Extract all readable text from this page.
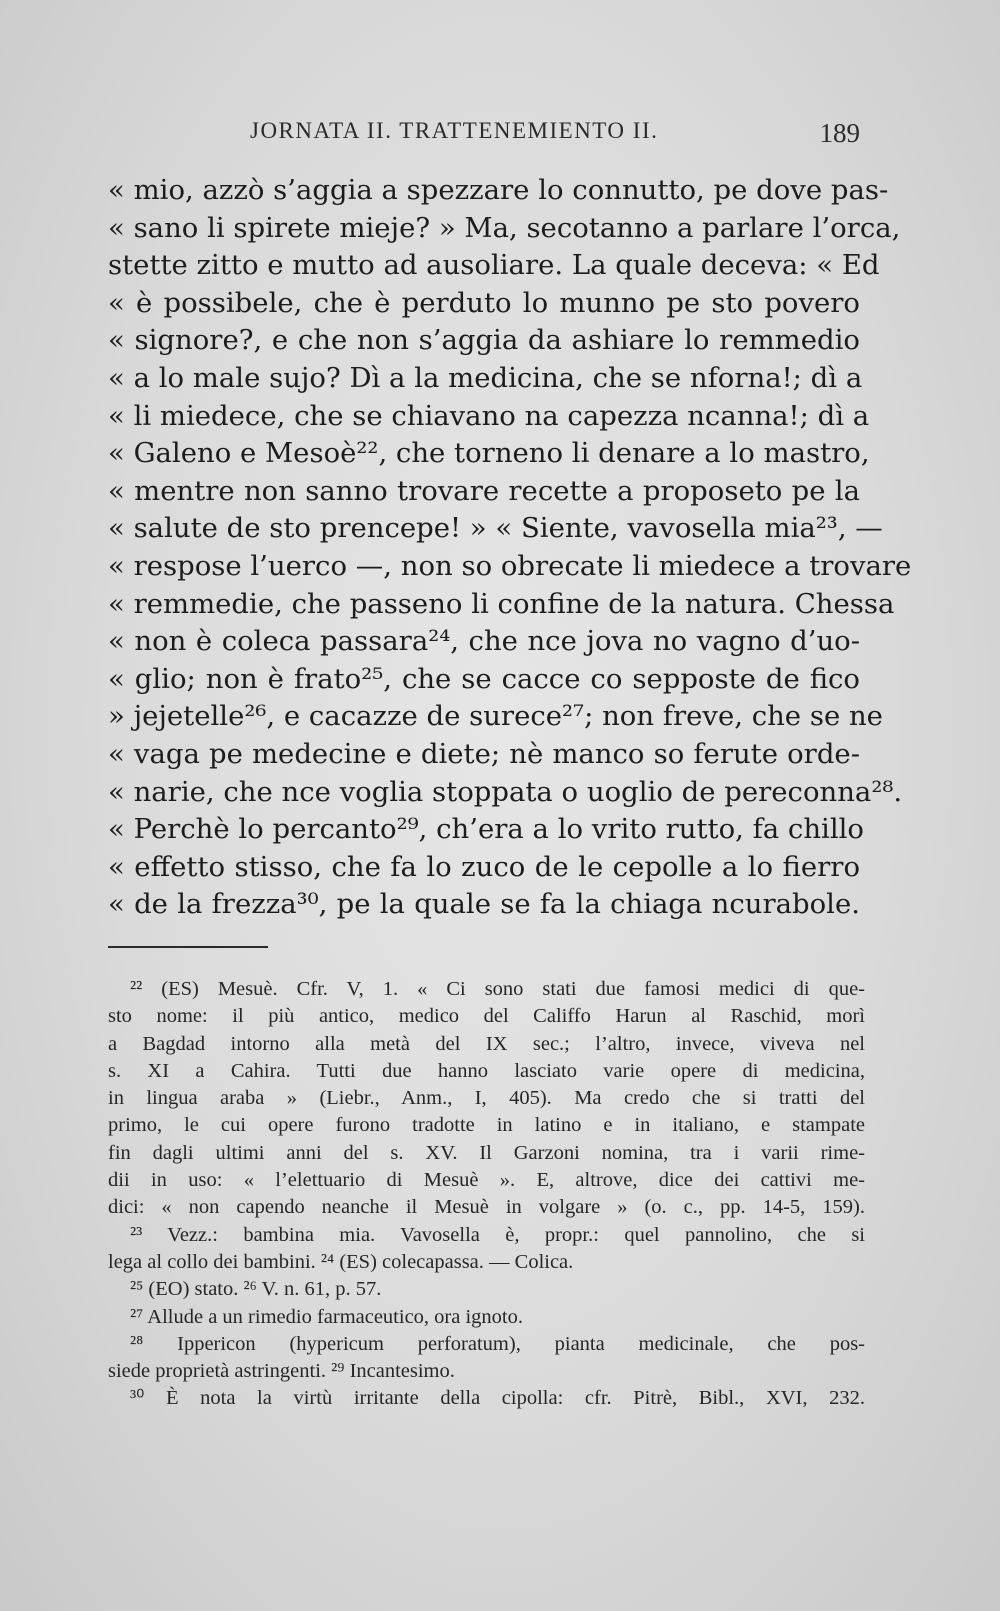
JORNATA II. TRATTENEMIENTO II.	189
« mio, azzò s’aggia a spezzare lo connutto, pe dove pas-
« sano li spirete mieje? » Ma, secotanno a parlare l’orca,
stette zitto e mutto ad ausoliare. La quale deceva: « Ed
« è possibele, che è perduto lo munno pe sto povero
« signore?, e che non s’aggia da ashiare lo remmedio
« a lo male sujo? Dì a la medicina, che se nforna!; dì a
« li miedece, che se chiavano na capezza ncanna!; dì a
« Galeno e Mesoè²², che torneno li denare a lo mastro,
« mentre non sanno trovare recette a proposeto pe la
« salute de sto prencepe! » « Siente, vavosella mia²³, —
« respose l’uerco —, non so obrecate li miedece a trovare
« remmedie, che passeno li confine de la natura. Chessa
« non è coleca passara²⁴, che nce jova no vagno d’uo-
« glio; non è frato²⁵, che se cacce co sepposte de fico
» jejetelle²⁶, e cacazze de surece²⁷; non freve, che se ne
« vaga pe medecine e diete; nè manco so ferute orde-
« narie, che nce voglia stoppata o uoglio de pereconna²⁸.
« Perchè lo percanto²⁹, ch’era a lo vrito rutto, fa chillo
« effetto stisso, che fa lo zuco de le cepolle a lo fierro
« de la frezza³⁰, pe la quale se fa la chiaga ncurabole.
²² (ES) Mesuè. Cfr. V, 1. « Ci sono stati due famosi medici di que-
sto nome: il più antico, medico del Califfo Harun al Raschid, morì
a Bagdad intorno alla metà del IX sec.; l’altro, invece, viveva nel
s. XI a Cahira. Tutti due hanno lasciato varie opere di medicina,
in lingua araba » (Liebr., Anm., I, 405). Ma credo che si tratti del
primo, le cui opere furono tradotte in latino e in italiano, e stampate
fin dagli ultimi anni del s. XV. Il Garzoni nomina, tra i varii rime-
dii in uso: « l’elettuario di Mesuè ». E, altrove, dice dei cattivi me-
dici: « non capendo neanche il Mesuè in volgare » (o. c., pp. 14-5, 159).
²³ Vezz.: bambina mia. Vavosella è, propr.: quel pannolino, che si
lega al collo dei bambini. ²⁴ (ES) colecapassa. — Colica.
²⁵ (EO) stato. ²⁶ V. n. 61, p. 57.
²⁷ Allude a un rimedio farmaceutico, ora ignoto.
²⁸ Ippericon (hypericum perforatum), pianta medicinale, che pos-
siede proprietà astringenti. ²⁹ Incantesimo.
³⁰ È nota la virtù irritante della cipolla: cfr. Pitrè, Bibl., XVI, 232.
